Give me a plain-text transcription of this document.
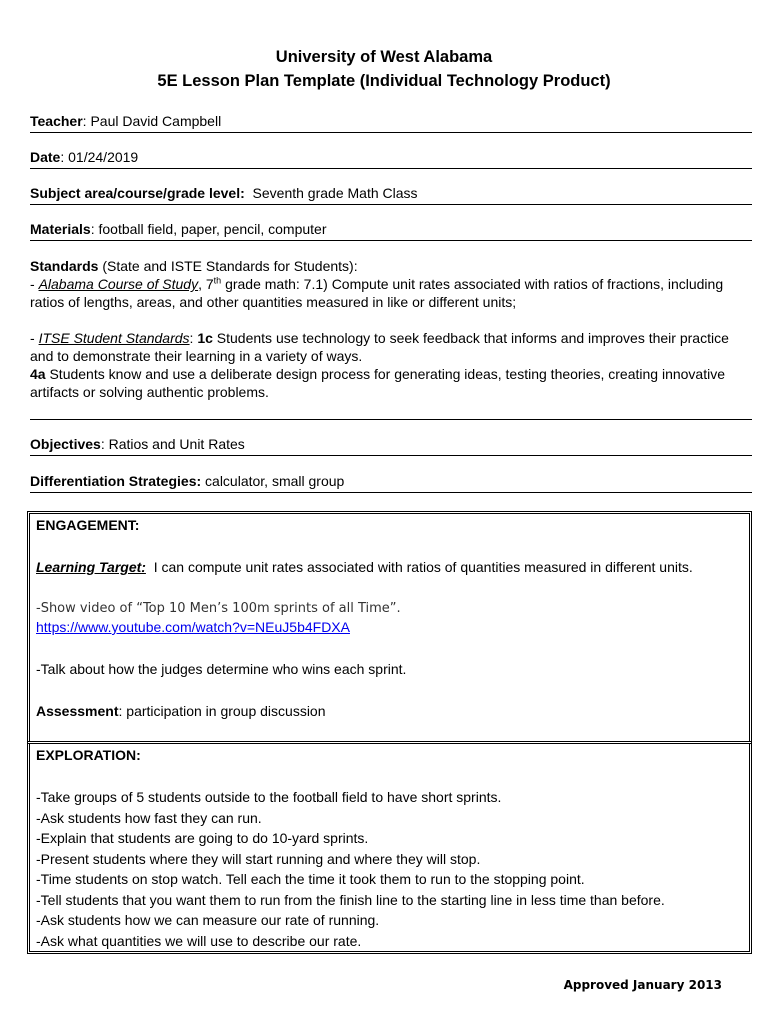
University of West Alabama
5E Lesson Plan Template (Individual Technology Product)
Teacher: Paul David Campbell
Date: 01/24/2019
Subject area/course/grade level:  Seventh grade Math Class
Materials: football field, paper, pencil, computer

Standards (State and ISTE Standards for Students):

- Alabama Course of Study, 7th grade math: 7.1) Compute unit rates associated with ratios of fractions, including ratios of lengths, areas, and other quantities measured in like or different units;

- ITSE Student Standards: 1c Students use technology to seek feedback that informs and improves their practice and to demonstrate their learning in a variety of ways.

4a Students know and use a deliberate design process for generating ideas, testing theories, creating innovative artifacts or solving authentic problems.

Objectives: Ratios and Unit Rates
Differentiation Strategies: calculator, small group

ENGAGEMENT:

Learning Target:  I can compute unit rates associated with ratios of quantities measured in different units.

-Show video of “Top 10 Men’s 100m sprints of all Time”.

https://www.youtube.com/watch?v=NEuJ5b4FDXA

-Talk about how the judges determine who wins each sprint.

Assessment: participation in group discussion

EXPLORATION:

-Take groups of 5 students outside to the football field to have short sprints.

-Ask students how fast they can run.

-Explain that students are going to do 10-yard sprints.

-Present students where they will start running and where they will stop.

-Time students on stop watch. Tell each the time it took them to run to the stopping point.

-Tell students that you want them to run from the finish line to the starting line in less time than before.

-Ask students how we can measure our rate of running.

-Ask what quantities we will use to describe our rate.

Approved January 2013
